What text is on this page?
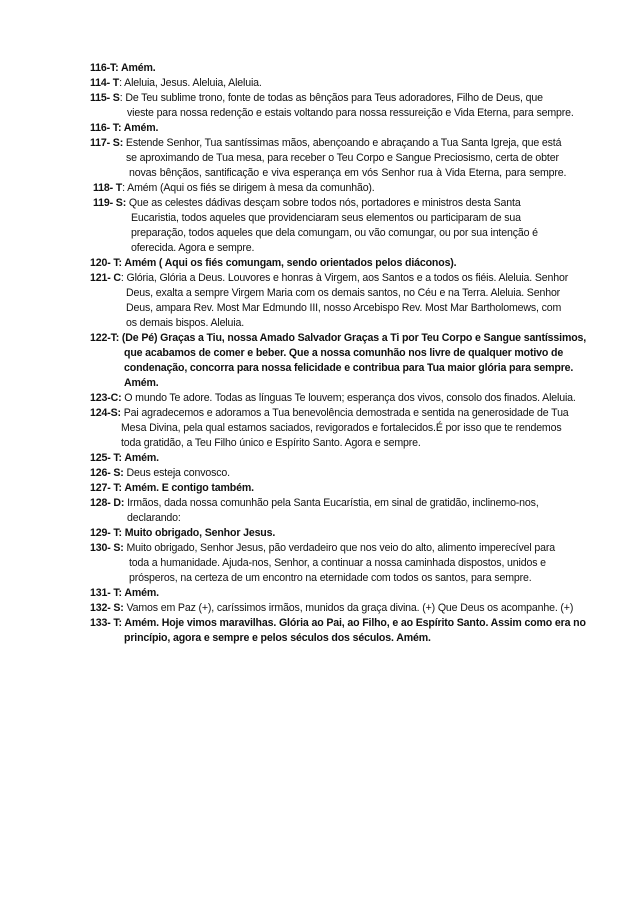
116-T: Amém.
114- T: Aleluia, Jesus. Aleluia, Aleluia.
115- S: De Teu sublime trono, fonte de todas as bênçãos para Teus adoradores, Filho de Deus, que
vieste para nossa redenção e estais voltando para nossa ressureição e Vida Eterna, para sempre.
116- T: Amém.
117- S: Estende Senhor, Tua santíssimas mãos, abençoando e abraçando a Tua Santa Igreja, que está
se aproximando de Tua mesa, para receber o Teu Corpo e Sangue Preciosismo, certa de obter
novas bênçãos, santificação e viva esperança em vós Senhor rua à Vida Eterna, para sempre.
118- T: Amém (Aqui os fiés se dirigem à mesa da comunhão).
119- S: Que as celestes dádivas desçam sobre todos nós, portadores e ministros desta Santa
Eucaristia, todos aqueles que providenciaram seus elementos ou participaram de sua
preparação, todos aqueles que dela comungam, ou vão comungar, ou por sua intenção é
oferecida. Agora e sempre.
120- T: Amém ( Aqui os fiés comungam, sendo orientados pelos diáconos).
121- C: Glória, Glória a Deus. Louvores e honras à Virgem, aos Santos e a todos os fiéis. Aleluia. Senhor
Deus, exalta a sempre Virgem Maria com os demais santos, no Céu e na Terra. Aleluia. Senhor
Deus, ampara Rev. Most Mar Edmundo III, nosso Arcebispo Rev. Most Mar Bartholomews, com
os demais bispos. Aleluia.
122-T: (De Pé) Graças a Tiu, nossa Amado Salvador Graças a Ti por Teu Corpo e Sangue santíssimos,
que acabamos de comer e beber. Que a nossa comunhão nos livre de qualquer motivo de
condenação, concorra para nossa felicidade e contribua para Tua maior glória para sempre.
Amém.
123-C: O mundo Te adore. Todas as línguas Te louvem; esperança dos vivos, consolo dos finados. Aleluia.
124-S: Pai agradecemos e adoramos a Tua benevolência demostrada e sentida na generosidade de Tua
Mesa Divina, pela qual estamos saciados, revigorados e fortalecidos.É por isso que te rendemos
toda gratidão, a Teu Filho único e Espírito Santo. Agora e sempre.
125- T: Amém.
126- S: Deus esteja convosco.
127- T: Amém. E contigo também.
128- D: Irmãos, dada nossa comunhão pela Santa Eucarístia, em sinal de gratidão, inclinemo-nos,
declarando:
129- T: Muito obrigado, Senhor Jesus.
130- S: Muito obrigado, Senhor Jesus, pão verdadeiro que nos veio do alto, alimento imperecível para
toda a humanidade. Ajuda-nos, Senhor, a continuar a nossa caminhada dispostos, unidos e
prósperos, na certeza de um encontro na eternidade com todos os santos, para sempre.
131- T: Amém.
132- S: Vamos em Paz (+), caríssimos irmãos, munidos da graça divina. (+) Que Deus os acompanhe. (+)
133- T: Amém. Hoje vimos maravilhas. Glória ao Pai, ao Filho, e ao Espírito Santo. Assim como era no
princípio, agora e sempre e pelos séculos dos séculos. Amém.
